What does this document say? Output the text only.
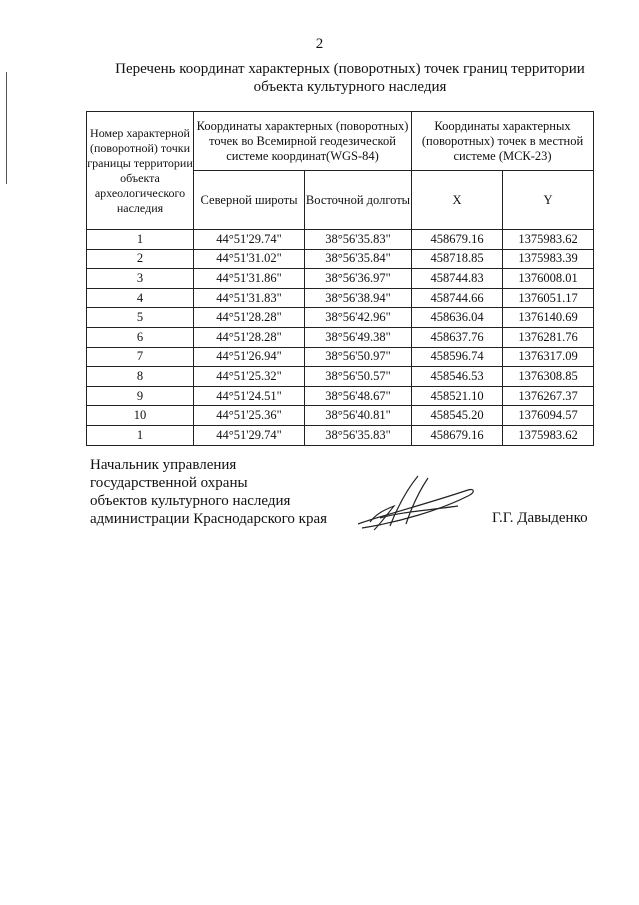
2
Перечень координат характерных (поворотных) точек границ территории
объекта культурного наследия
Номер характерной (поворотной) точки границы территории объекта археологического наследия	Координаты характерных (поворотных) точек во Всемирной геодезической системе координат(WGS-84)		Координаты характерных (поворотных) точек в местной системе (МСК-23)	
	Северной широты	Восточной долготы	X	Y
1	44°51'29.74"	38°56'35.83"	458679.16	1375983.62
2	44°51'31.02"	38°56'35.84"	458718.85	1375983.39
3	44°51'31.86"	38°56'36.97"	458744.83	1376008.01
4	44°51'31.83"	38°56'38.94"	458744.66	1376051.17
5	44°51'28.28"	38°56'42.96"	458636.04	1376140.69
6	44°51'28.28"	38°56'49.38"	458637.76	1376281.76
7	44°51'26.94"	38°56'50.97"	458596.74	1376317.09
8	44°51'25.32"	38°56'50.57"	458546.53	1376308.85
9	44°51'24.51"	38°56'48.67"	458521.10	1376267.37
10	44°51'25.36"	38°56'40.81"	458545.20	1376094.57
1	44°51'29.74"	38°56'35.83"	458679.16	1375983.62
Начальник управления
государственной охраны
объектов культурного наследия
администрации Краснодарского края	Г.Г. Давыденко
